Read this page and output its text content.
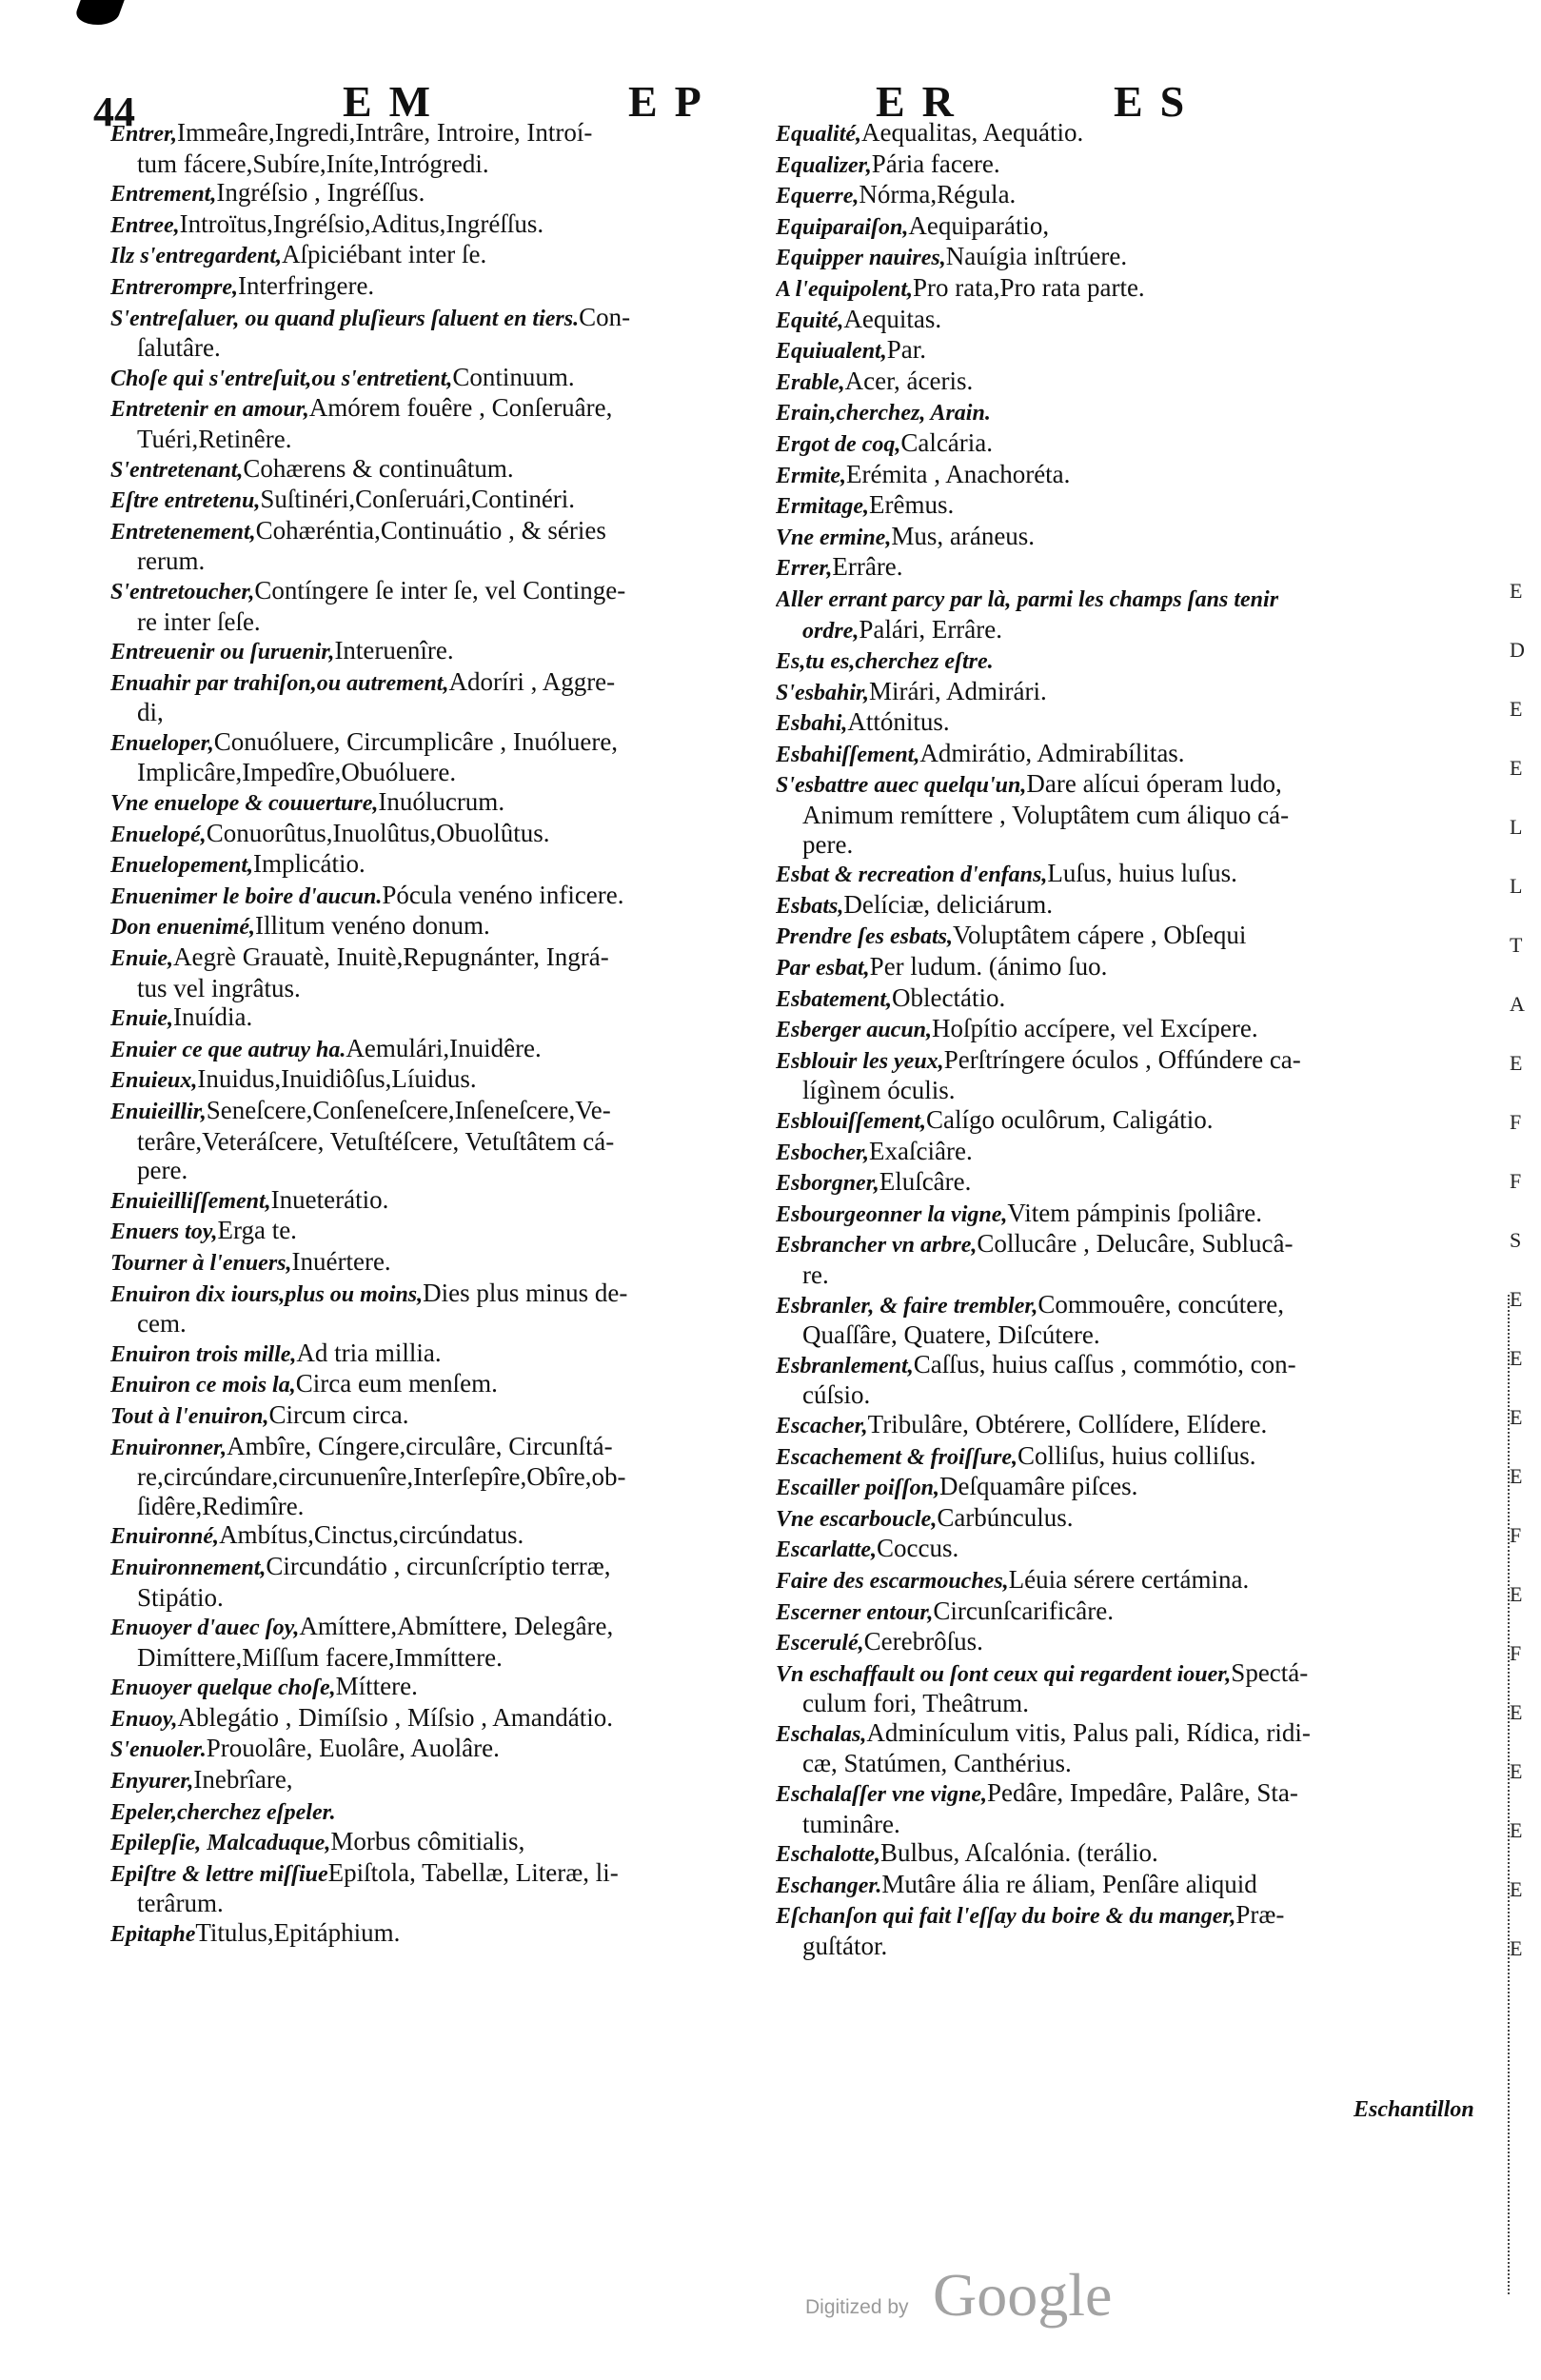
44	EM	EP	ER	ES
Entrer,Immeâre,Ingredi,Intrâre, Introire, Introí-
tum fácere,Subíre,Iníte,Intrógredi.
Entrement,Ingréſsio , Ingréſſus.
Entree,Introïtus,Ingréſsio,Aditus,Ingréſſus.
Ilz s'entregardent,Aſpiciébant inter ſe.
Entrerompre,Interfringere.
S'entreſaluer, ou quand pluſieurs ſaluent en tiers.Con-
ſalutâre.
Choſe qui s'entreſuit,ou s'entretient,Continuum.
Entretenir en amour,Amórem fouêre , Conſeruâre,
Tuéri,Retinêre.
S'entretenant,Cohærens & continuâtum.
Eſtre entretenu,Suſtinéri,Conſeruári,Continéri.
Entretenement,Cohæréntia,Continuátio , & séries
rerum.
S'entretoucher,Contíngere ſe inter ſe, vel Continge-
re inter ſeſe.
Entreuenir ou ſuruenir,Interuenîre.
Enuahir par trahiſon,ou autrement,Adoríri , Aggre-
di,
Enueloper,Conuóluere, Circumplicâre , Inuóluere,
Implicâre,Impedîre,Obuóluere.
Vne enuelope & couuerture,Inuólucrum.
Enuelopé,Conuorûtus,Inuolûtus,Obuolûtus.
Enuelopement,Implicátio.
Enuenimer le boire d'aucun.Pócula venéno inficere.
Don enuenimé,Illitum venéno donum.
Enuie,Aegrè Grauatè, Inuitè,Repugnánter, Ingrá-
tus vel ingrâtus.
Enuie,Inuídia.
Enuier ce que autruy ha.Aemulári,Inuidêre.
Enuieux,Inuidus,Inuidiôſus,Líuidus.
Enuieillir,Seneſcere,Conſeneſcere,Inſeneſcere,Ve-
terâre,Veteráſcere, Vetuſtéſcere, Vetuſtâtem cá-
pere.
Enuieilliſſement,Inueterátio.
Enuers toy,Erga te.
Tourner à l'enuers,Inuértere.
Enuiron dix iours,plus ou moins,Dies plus minus de-
cem.
Enuiron trois mille,Ad tria millia.
Enuiron ce mois la,Circa eum menſem.
Tout à l'enuiron,Circum circa.
Enuironner,Ambîre, Cíngere,circulâre, Circunſtá-
re,circúndare,circunuenîre,Interſepîre,Obîre,ob-
ſidêre,Redimîre.
Enuironné,Ambítus,Cinctus,circúndatus.
Enuironnement,Circundátio , circunſcríptio terræ,
Stipátio.
Enuoyer d'auec ſoy,Amíttere,Abmíttere, Delegâre,
Dimíttere,Miſſum facere,Immíttere.
Enuoyer quelque choſe,Míttere.
Enuoy,Ablegátio , Dimíſsio , Míſsio , Amandátio.
S'enuoler.Prouolâre, Euolâre, Auolâre.
Enyurer,Inebrîare,
Epeler,cherchez eſpeler.
Epilepſie, Malcaduque,Morbus cômitialis,
Epiſtre & lettre miſſiueEpiſtola, Tabellæ, Literæ, li-
terârum.
EpitapheTitulus,Epitáphium.
Equalité,Aequalitas, Aequátio.
Equalizer,Pária facere.
Equerre,Nórma,Régula.
Equiparaiſon,Aequiparátio,
Equipper nauires,Nauígia inſtrúere.
A l'equipolent,Pro rata,Pro rata parte.
Equité,Aequitas.
Equiualent,Par.
Erable,Acer, áceris.
Erain,cherchez, Arain.
Ergot de coq,Calcária.
Ermite,Erémita , Anachoréta.
Ermitage,Erêmus.
Vne ermine,Mus, aráneus.
Errer,Errâre.
Aller errant parcy par là, parmi les champs ſans tenir
ordre,Palári, Errâre.
Es,tu es,cherchez eſtre.
S'esbahir,Mirári, Admirári.
Esbahi,Attónitus.
Esbahiſſement,Admirátio, Admirabílitas.
S'esbattre auec quelqu'un,Dare alícui óperam ludo,
Animum remíttere , Voluptâtem cum áliquo cá-
pere.
Esbat & recreation d'enfans,Luſus, huius luſus.
Esbats,Delíciæ, deliciárum.
Prendre ſes esbats,Voluptâtem cápere , Obſequi
Par esbat,Per ludum. (ánimo ſuo.
Esbatement,Oblectátio.
Esberger aucun,Hoſpítio accípere, vel Excípere.
Esblouir les yeux,Perſtríngere óculos , Offúndere ca-
lígìnem óculis.
Esblouiſſement,Calígo oculôrum, Caligátio.
Esbocher,Exaſciâre.
Esborgner,Eluſcâre.
Esbourgeonner la vigne,Vitem pámpinis ſpoliâre.
Esbrancher vn arbre,Collucâre , Delucâre, Sublucâ-
re.
Esbranler, & faire trembler,Commouêre, concútere,
Quaſſâre, Quatere, Diſcútere.
Esbranlement,Caſſus, huius caſſus , commótio, con-
cúſsio.
Escacher,Tribulâre, Obtérere, Collídere, Elídere.
Escachement & froiſſure,Colliſus, huius colliſus.
Escailler poiſſon,Deſquamâre piſces.
Vne escarboucle,Carbúnculus.
Escarlatte,Coccus.
Faire des escarmouches,Léuia sérere certámina.
Escerner entour,Circunſcarificâre.
Escerulé,Cerebrôſus.
Vn eschaffault ou ſont ceux qui regardent iouer,Spectá-
culum fori, Theâtrum.
Eschalas,Adminículum vitis, Palus pali, Rídica, ridi-
cæ, Statúmen, Canthérius.
Eschalaſſer vne vigne,Pedâre, Impedâre, Palâre, Sta-
tuminâre.
Eschalotte,Bulbus, Aſcalónia. (terálio.
Eschanger.Mutâre ália re áliam, Penſâre aliquid
Eſchanſon qui fait l'eſſay du boire & du manger,Præ-
guſtátor.
Eschantillon
E
D
E
E
L
L
T
A
E
F
F
S
E
E
E
E
F
E
F
E
E
E
E
E
Digitized by Google
